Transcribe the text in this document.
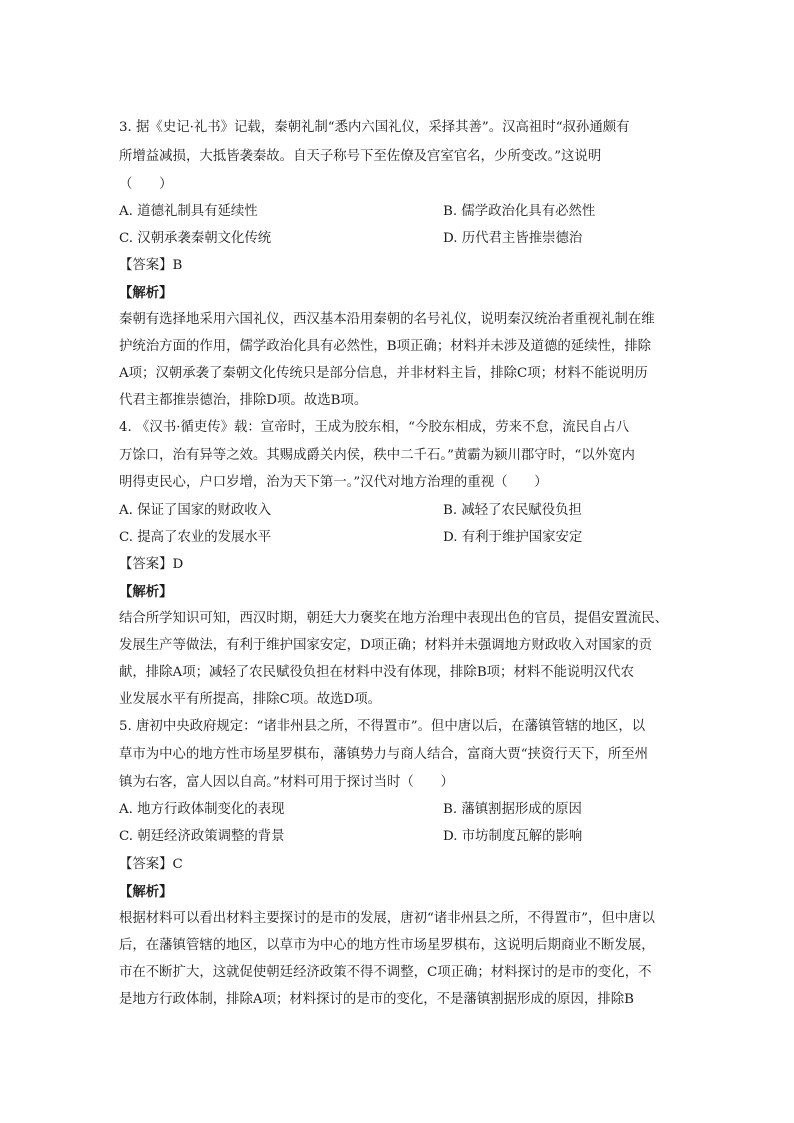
3. 据《史记·礼书》记载，秦朝礼制“悉内六国礼仪，采择其善”。汉高祖时“叔孙通颇有
所增益减损，大抵皆袭秦故。自天子称号下至佐僚及宫室官名，少所变改。”这说明
（　　）
A. 道德礼制具有延续性	B. 儒学政治化具有必然性
C. 汉朝承袭秦朝文化传统	D. 历代君主皆推崇德治
【答案】B
【解析】
秦朝有选择地采用六国礼仪，西汉基本沿用秦朝的名号礼仪，说明秦汉统治者重视礼制在维
护统治方面的作用，儒学政治化具有必然性，B项正确；材料并未涉及道德的延续性，排除
A项；汉朝承袭了秦朝文化传统只是部分信息，并非材料主旨，排除C项；材料不能说明历
代君主都推崇德治，排除D项。故选B项。
4. 《汉书·循吏传》载：宣帝时，王成为胶东相，“今胶东相成，劳来不怠，流民自占八
万馀口，治有异等之效。其赐成爵关内侯，秩中二千石。”黄霸为颍川郡守时，“以外宽内
明得吏民心，户口岁增，治为天下第一。”汉代对地方治理的重视（　　）
A. 保证了国家的财政收入	B. 减轻了农民赋役负担
C. 提高了农业的发展水平	D. 有利于维护国家安定
【答案】D
【解析】
结合所学知识可知，西汉时期，朝廷大力褒奖在地方治理中表现出色的官员，提倡安置流民、
发展生产等做法，有利于维护国家安定，D项正确；材料并未强调地方财政收入对国家的贡
献，排除A项；减轻了农民赋役负担在材料中没有体现，排除B项；材料不能说明汉代农
业发展水平有所提高，排除C项。故选D项。
5. 唐初中央政府规定：“诸非州县之所，不得置市”。但中唐以后，在藩镇管辖的地区，以
草市为中心的地方性市场星罗棋布，藩镇势力与商人结合，富商大贾“挟资行天下，所至州
镇为右客，富人因以自高。”材料可用于探讨当时（　　）
A. 地方行政体制变化的表现	B. 藩镇割据形成的原因
C. 朝廷经济政策调整的背景	D. 市坊制度瓦解的影响
【答案】C
【解析】
根据材料可以看出材料主要探讨的是市的发展，唐初“诸非州县之所，不得置市”，但中唐以
后，在藩镇管辖的地区，以草市为中心的地方性市场星罗棋布，这说明后期商业不断发展，
市在不断扩大，这就促使朝廷经济政策不得不调整，C项正确；材料探讨的是市的变化，不
是地方行政体制，排除A项；材料探讨的是市的变化，不是藩镇割据形成的原因，排除B
